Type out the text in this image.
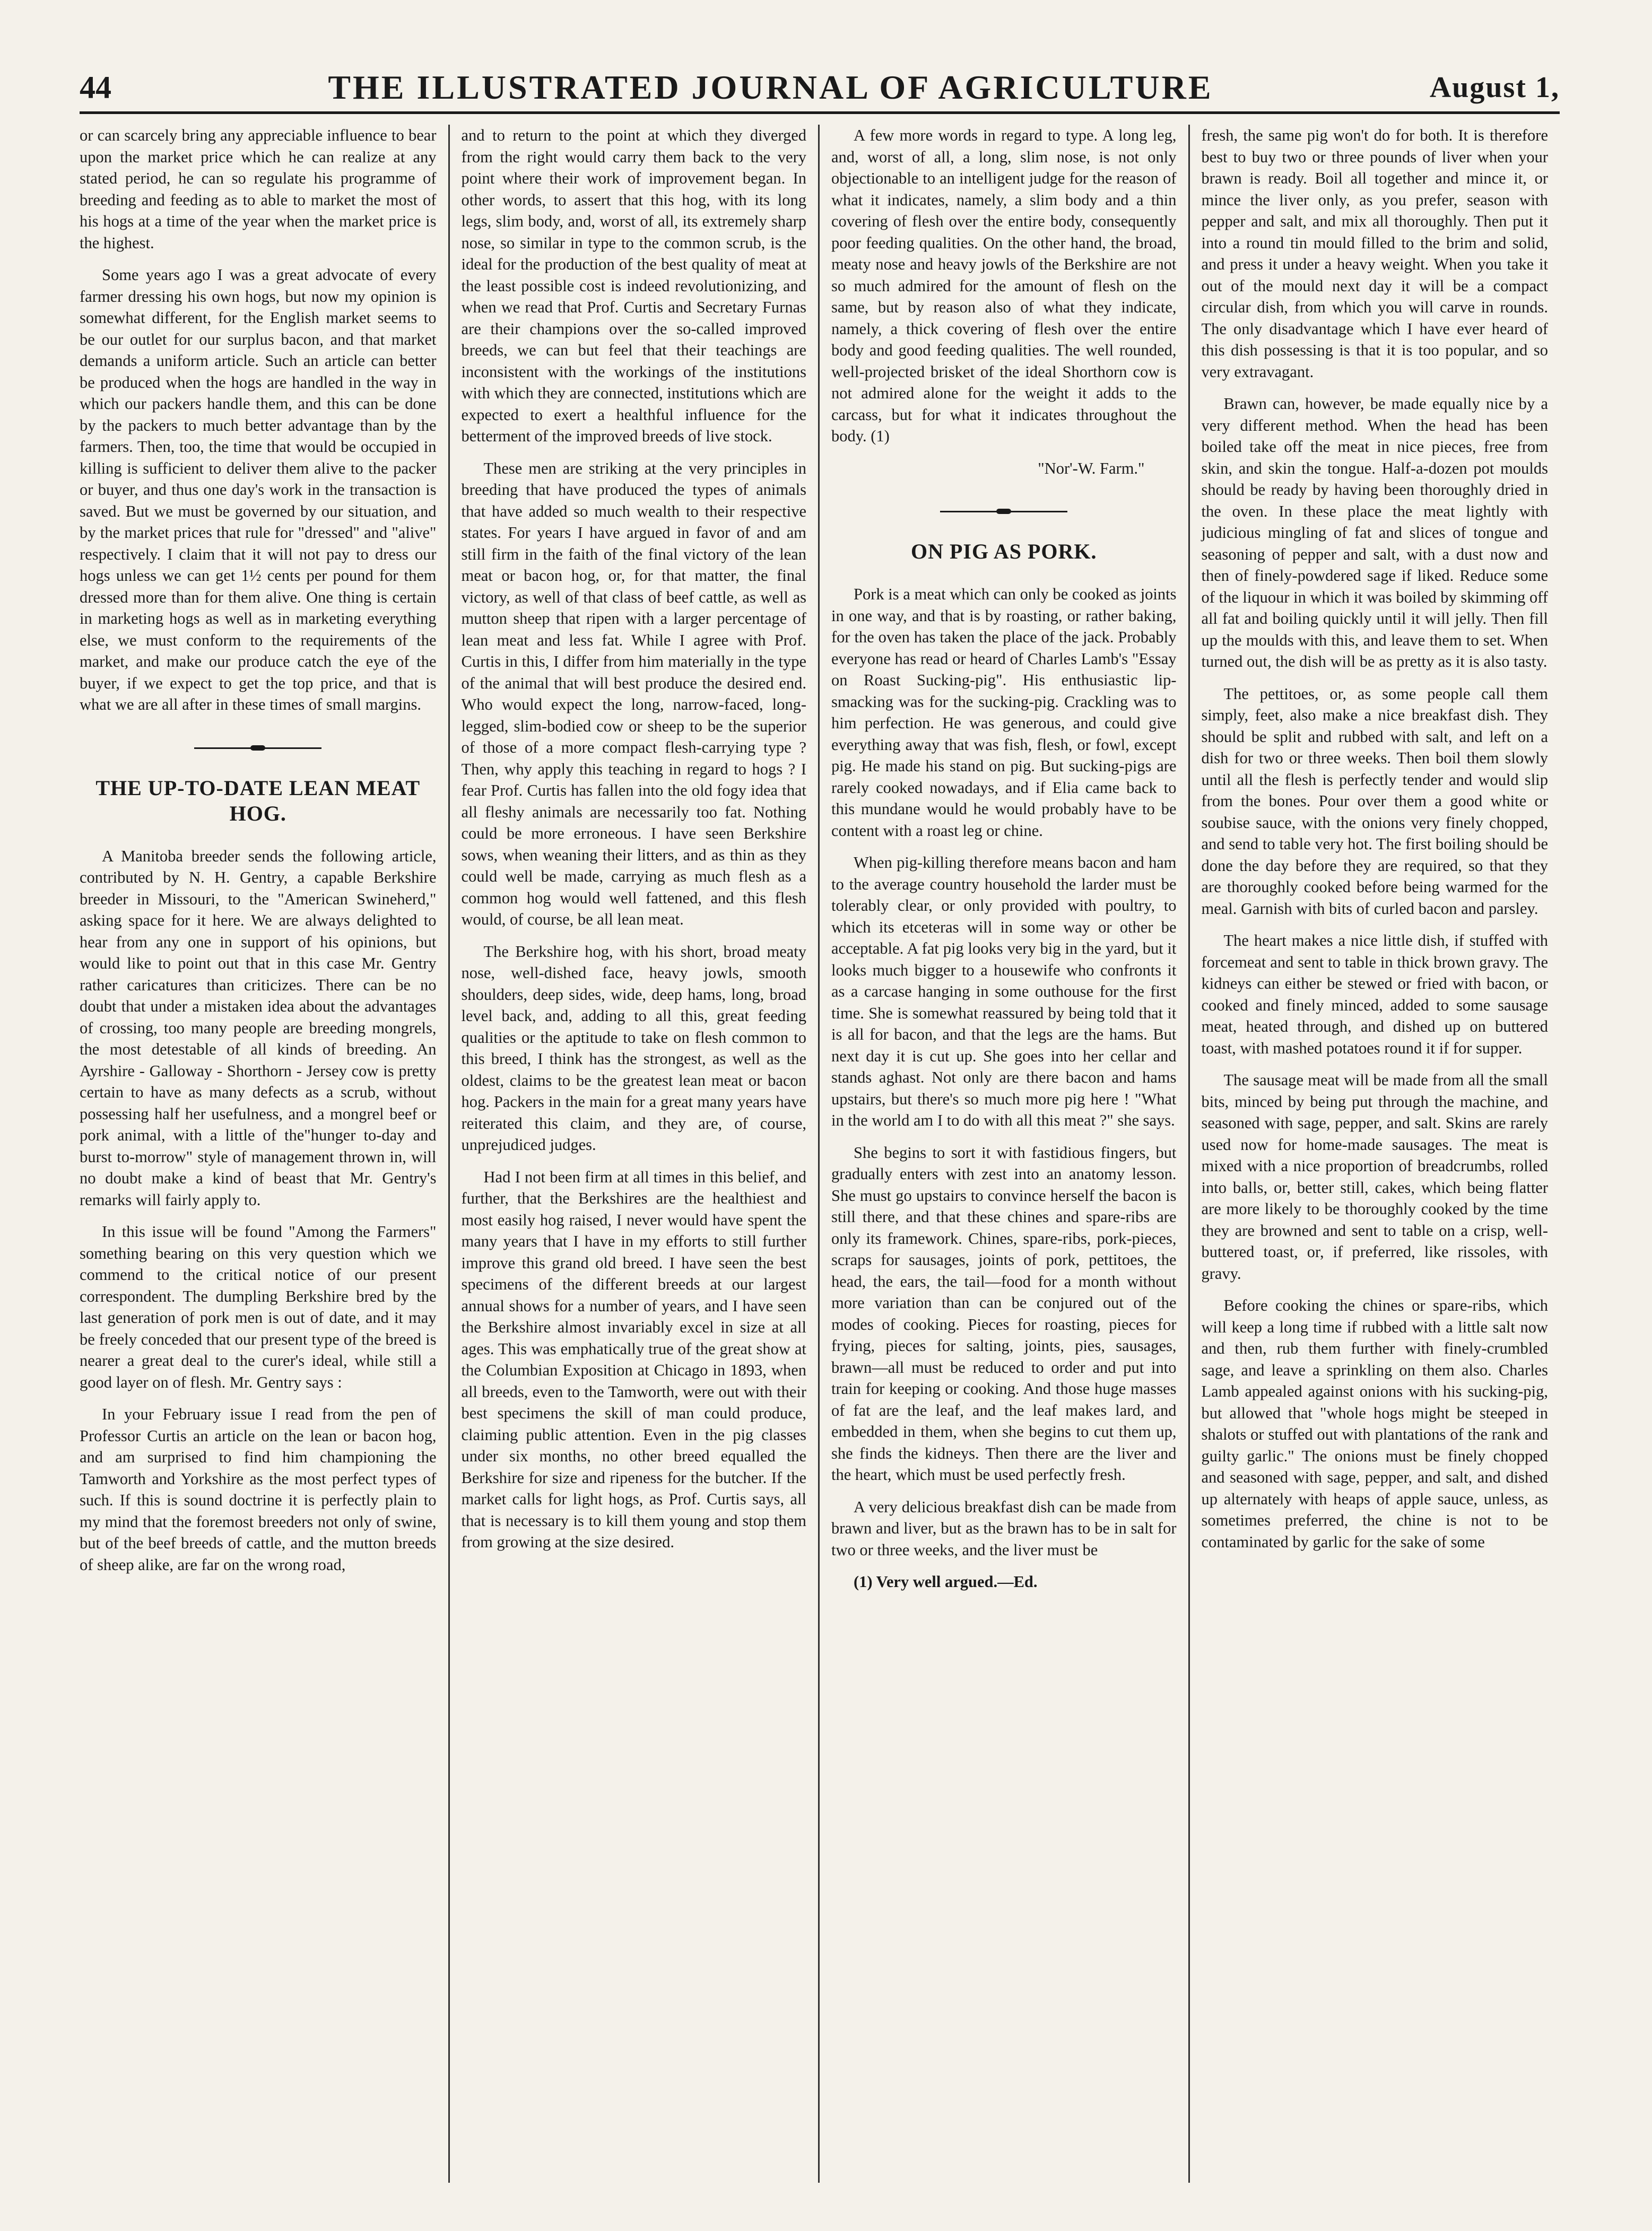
44	THE ILLUSTRATED JOURNAL OF AGRICULTURE	August 1,

or can scarcely bring any appreciable influence to bear upon the market price which he can realize at any stated period, he can so regulate his programme of breeding and feeding as to able to market the most of his hogs at a time of the year when the market price is the highest.

Some years ago I was a great advocate of every farmer dressing his own hogs, but now my opinion is somewhat different, for the English market seems to be our outlet for our surplus bacon, and that market demands a uniform article. Such an article can better be produced when the hogs are handled in the way in which our packers handle them, and this can be done by the packers to much better advantage than by the farmers. Then, too, the time that would be occupied in killing is sufficient to deliver them alive to the packer or buyer, and thus one day's work in the transaction is saved. But we must be governed by our situation, and by the market prices that rule for "dressed" and "alive" respectively. I claim that it will not pay to dress our hogs unless we can get 1½ cents per pound for them dressed more than for them alive. One thing is certain in marketing hogs as well as in marketing everything else, we must conform to the requirements of the market, and make our produce catch the eye of the buyer, if we expect to get the top price, and that is what we are all after in these times of small margins.

THE UP-TO-DATE LEAN MEAT HOG.

A Manitoba breeder sends the following article, contributed by N. H. Gentry, a capable Berkshire breeder in Missouri, to the "American Swineherd," asking space for it here. We are always delighted to hear from any one in support of his opinions, but would like to point out that in this case Mr. Gentry rather caricatures than criticizes. There can be no doubt that under a mistaken idea about the advantages of crossing, too many people are breeding mongrels, the most detestable of all kinds of breeding. An Ayrshire - Galloway - Shorthorn - Jersey cow is pretty certain to have as many defects as a scrub, without possessing half her usefulness, and a mongrel beef or pork animal, with a little of the"hunger to-day and burst to-morrow" style of management thrown in, will no doubt make a kind of beast that Mr. Gentry's remarks will fairly apply to.

In this issue will be found "Among the Farmers" something bearing on this very question which we commend to the critical notice of our present correspondent. The dumpling Berkshire bred by the last generation of pork men is out of date, and it may be freely conceded that our present type of the breed is nearer a great deal to the curer's ideal, while still a good layer on of flesh. Mr. Gentry says :

In your February issue I read from the pen of Professor Curtis an article on the lean or bacon hog, and am surprised to find him championing the Tamworth and Yorkshire as the most perfect types of such. If this is sound doctrine it is perfectly plain to my mind that the foremost breeders not only of swine, but of the beef breeds of cattle, and the mutton breeds of sheep alike, are far on the wrong road,

and to return to the point at which they diverged from the right would carry them back to the very point where their work of improvement began. In other words, to assert that this hog, with its long legs, slim body, and, worst of all, its extremely sharp nose, so similar in type to the common scrub, is the ideal for the production of the best quality of meat at the least possible cost is indeed revolutionizing, and when we read that Prof. Curtis and Secretary Furnas are their champions over the so-called improved breeds, we can but feel that their teachings are inconsistent with the workings of the institutions with which they are connected, institutions which are expected to exert a healthful influence for the betterment of the improved breeds of live stock.

These men are striking at the very principles in breeding that have produced the types of animals that have added so much wealth to their respective states. For years I have argued in favor of and am still firm in the faith of the final victory of the lean meat or bacon hog, or, for that matter, the final victory, as well of that class of beef cattle, as well as mutton sheep that ripen with a larger percentage of lean meat and less fat. While I agree with Prof. Curtis in this, I differ from him materially in the type of the animal that will best produce the desired end. Who would expect the long, narrow-faced, long-legged, slim-bodied cow or sheep to be the superior of those of a more compact flesh-carrying type ? Then, why apply this teaching in regard to hogs ? I fear Prof. Curtis has fallen into the old fogy idea that all fleshy animals are necessarily too fat. Nothing could be more erroneous. I have seen Berkshire sows, when weaning their litters, and as thin as they could well be made, carrying as much flesh as a common hog would well fattened, and this flesh would, of course, be all lean meat.

The Berkshire hog, with his short, broad meaty nose, well-dished face, heavy jowls, smooth shoulders, deep sides, wide, deep hams, long, broad level back, and, adding to all this, great feeding qualities or the aptitude to take on flesh common to this breed, I think has the strongest, as well as the oldest, claims to be the greatest lean meat or bacon hog. Packers in the main for a great many years have reiterated this claim, and they are, of course, unprejudiced judges.

Had I not been firm at all times in this belief, and further, that the Berkshires are the healthiest and most easily hog raised, I never would have spent the many years that I have in my efforts to still further improve this grand old breed. I have seen the best specimens of the different breeds at our largest annual shows for a number of years, and I have seen the Berkshire almost invariably excel in size at all ages. This was emphatically true of the great show at the Columbian Exposition at Chicago in 1893, when all breeds, even to the Tamworth, were out with their best specimens the skill of man could produce, claiming public attention. Even in the pig classes under six months, no other breed equalled the Berkshire for size and ripeness for the butcher. If the market calls for light hogs, as Prof. Curtis says, all that is necessary is to kill them young and stop them from growing at the size desired.

A few more words in regard to type. A long leg, and, worst of all, a long, slim nose, is not only objectionable to an intelligent judge for the reason of what it indicates, namely, a slim body and a thin covering of flesh over the entire body, consequently poor feeding qualities. On the other hand, the broad, meaty nose and heavy jowls of the Berkshire are not so much admired for the amount of flesh on the same, but by reason also of what they indicate, namely, a thick covering of flesh over the entire body and good feeding qualities. The well rounded, well-projected brisket of the ideal Shorthorn cow is not admired alone for the weight it adds to the carcass, but for what it indicates throughout the body. (1)

"Nor'-W. Farm."

ON PIG AS PORK.

Pork is a meat which can only be cooked as joints in one way, and that is by roasting, or rather baking, for the oven has taken the place of the jack. Probably everyone has read or heard of Charles Lamb's "Essay on Roast Sucking-pig". His enthusiastic lip-smacking was for the sucking-pig. Crackling was to him perfection. He was generous, and could give everything away that was fish, flesh, or fowl, except pig. He made his stand on pig. But sucking-pigs are rarely cooked nowadays, and if Elia came back to this mundane would he would probably have to be content with a roast leg or chine.

When pig-killing therefore means bacon and ham to the average country household the larder must be tolerably clear, or only provided with poultry, to which its etceteras will in some way or other be acceptable. A fat pig looks very big in the yard, but it looks much bigger to a housewife who confronts it as a carcase hanging in some outhouse for the first time. She is somewhat reassured by being told that it is all for bacon, and that the legs are the hams. But next day it is cut up. She goes into her cellar and stands aghast. Not only are there bacon and hams upstairs, but there's so much more pig here ! "What in the world am I to do with all this meat ?" she says.

She begins to sort it with fastidious fingers, but gradually enters with zest into an anatomy lesson. She must go upstairs to convince herself the bacon is still there, and that these chines and spare-ribs are only its framework. Chines, spare-ribs, pork-pieces, scraps for sausages, joints of pork, pettitoes, the head, the ears, the tail—food for a month without more variation than can be conjured out of the modes of cooking. Pieces for roasting, pieces for frying, pieces for salting, joints, pies, sausages, brawn—all must be reduced to order and put into train for keeping or cooking. And those huge masses of fat are the leaf, and the leaf makes lard, and embedded in them, when she begins to cut them up, she finds the kidneys. Then there are the liver and the heart, which must be used perfectly fresh.

A very delicious breakfast dish can be made from brawn and liver, but as the brawn has to be in salt for two or three weeks, and the liver must be

(1) Very well argued.—Ed.

fresh, the same pig won't do for both. It is therefore best to buy two or three pounds of liver when your brawn is ready. Boil all together and mince it, or mince the liver only, as you prefer, season with pepper and salt, and mix all thoroughly. Then put it into a round tin mould filled to the brim and solid, and press it under a heavy weight. When you take it out of the mould next day it will be a compact circular dish, from which you will carve in rounds. The only disadvantage which I have ever heard of this dish possessing is that it is too popular, and so very extravagant.

Brawn can, however, be made equally nice by a very different method. When the head has been boiled take off the meat in nice pieces, free from skin, and skin the tongue. Half-a-dozen pot moulds should be ready by having been thoroughly dried in the oven. In these place the meat lightly with judicious mingling of fat and slices of tongue and seasoning of pepper and salt, with a dust now and then of finely-powdered sage if liked. Reduce some of the liquour in which it was boiled by skimming off all fat and boiling quickly until it will jelly. Then fill up the moulds with this, and leave them to set. When turned out, the dish will be as pretty as it is also tasty.

The pettitoes, or, as some people call them simply, feet, also make a nice breakfast dish. They should be split and rubbed with salt, and left on a dish for two or three weeks. Then boil them slowly until all the flesh is perfectly tender and would slip from the bones. Pour over them a good white or soubise sauce, with the onions very finely chopped, and send to table very hot. The first boiling should be done the day before they are required, so that they are thoroughly cooked before being warmed for the meal. Garnish with bits of curled bacon and parsley.

The heart makes a nice little dish, if stuffed with forcemeat and sent to table in thick brown gravy. The kidneys can either be stewed or fried with bacon, or cooked and finely minced, added to some sausage meat, heated through, and dished up on buttered toast, with mashed potatoes round it if for supper.

The sausage meat will be made from all the small bits, minced by being put through the machine, and seasoned with sage, pepper, and salt. Skins are rarely used now for home-made sausages. The meat is mixed with a nice proportion of breadcrumbs, rolled into balls, or, better still, cakes, which being flatter are more likely to be thoroughly cooked by the time they are browned and sent to table on a crisp, well-buttered toast, or, if preferred, like rissoles, with gravy.

Before cooking the chines or spare-ribs, which will keep a long time if rubbed with a little salt now and then, rub them further with finely-crumbled sage, and leave a sprinkling on them also. Charles Lamb appealed against onions with his sucking-pig, but allowed that "whole hogs might be steeped in shalots or stuffed out with plantations of the rank and guilty garlic." The onions must be finely chopped and seasoned with sage, pepper, and salt, and dished up alternately with heaps of apple sauce, unless, as sometimes preferred, the chine is not to be contaminated by garlic for the sake of some
